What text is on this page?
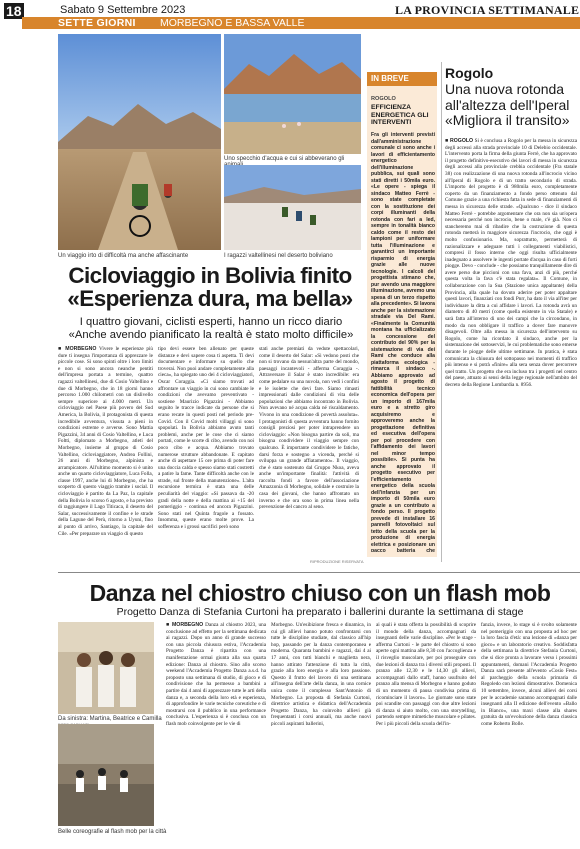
18	Sabato 9 Settembre 2023	LA PROVINCIA SETTIMANALE
SETTE GIORNI MORBEGNO E BASSA VALLE
Un viaggio irto di difficoltà ma anche affascinante
Uno specchio d'acqua e cui si abbeverano gli
I ragazzi valtellinesi nel deserto boliviano
Cicloviaggio in Bolivia finito
«Esperienza dura, ma bella»
I quattro giovani, ciclisti esperti, hanno un ricco diario
«Anche avendo pianificato la realtà è stato molto difficile»
■ MORBEGNO Vivere le esperienze più dure ti insegna l'importanza di apprezzare le piccole cose. Si sono spinti oltre i loro limiti e non si sono ancora neanche pentiti dell'impresa portata a termine, quattro ragazzi valtellinesi, due di Cosio Valtellino e due di Morbegno, che in 18 giorni hanno percorso 1.000 chilometri con un dislivello sempre superiore ai 4.000 metri. Un cicloviaggio nel Paese più povero del Sud America, la Bolivia, il protagonista di questa incredibile avventura, vissuta a pieni in condizioni estreme e avverse. Sono Mattia Pigazzini, 34 anni di Cosio Valtellino, e Luca Foltti, diplomato a Morbegno, atleti del Morbegno, insieme al gruppo di Cosio Valtellino, cicloviaggiatore, Andrea Follini, 26 anni di Morbegno, alpinista e arrampicatore. All'ultimo momento si è unito anche un quarto cicloviaggiatore, Luca Folla, classe 1997, anche lui di Morbegno, che ha scoperto di questo viaggio tramite i social. Il cicloviaggio è partito da La Paz, la capitale della Bolivia lo scorso 6 agosto, e ha previsto di raggiungere il Lago Titicaca, il deserto del Salar, successivamente il confine e le strade della Lagune del Perù, ritorno a Uyuni, fino al punto di arrivo, Santiago, la capitale del Cile. «Per preparare un viaggio di questo
tipo devi essere ben allenato per queste distanze e devi sapere cosa ti aspetta. Ti devi documentare e informare su quello che troverai. Non puoi andare completamente alla cieca», ha spiegato uno dei 4 cicloviaggiatori, Oscar Coraggia. «Ci siamo trovati ad affrontare un viaggio in cui sono cambiate le condizioni che avevamo preventivato - sostiene Maurizio Pigazzini - Abbiamo seguito le tracce indicate da persone che si erano recate in questi posti nel periodo pre-Covid. Con il Covid molti villaggi si sono spopolati. In Bolivia abbiamo avuto tanti problemi, anche per le cose che ci siamo portati, come le scorte di cibo, avendo con noi poco cibo e acqua. Abbiamo trovato numerose strutture abbandonate. E capitato anche di aspettare 15 ore prima di poter fare una doccia calda e spesso siamo stati costretti a patire la fame. Tante difficoltà anche con le strade, sul fronte della manutenzione». L'alta escursione termica è stata una delle peculiarità del viaggio: «Si passava da -20 gradi della notte e della mattina ai +15 del pomeriggio - continua ed ancora Pigazzini. Sono stati nel Quinta fragole a fossato. Insomma, queste erano molte prove. La sofferenza e i grossi sacrifici però sono
stati anche premiati da vedute spettacolari, come il deserto del Salar: «Si vedono posti che non si trovano da nessun'altra parte del mondo, paesaggi incantevoli - afferma Coraggia -. Attraversare il Salar è stato incredibile: era come pedalare su una nuvola, non vedi i confini e le isolette che devi fare. Siamo rimasti impressionati dalle condizioni di vita delle popolazioni che abbiamo incontrato in Bolivia. Non avevano né acqua calda né riscaldamento. Vivono in una condizione di povertà assoluta». I protagonisti di questa avventura hanno fornito consigli preziosi per poter intraprendere un cicloviaggio: «Non bisogna partire da soli, ma bisogna condividere il viaggio sempre con qualcuno. È importante condividere le fatiche, darsi forza e sostegno a vicenda, perché si sviluppa un grande affiatamento». Il viaggio, che è stato sostenuto dal Gruppo Nkoa, aveva anche un'importante finalità: l'attività di raccolta fondi a favore dell'associazione Amazzonia di Morbegno, solidale e costruire la casa dei giovani, che hanno affrontato un inverno e che ora sono in prima linea nella prevenzione del cancro al seno.
RIPRODUZIONE RISERVATA
IN BREVE
ROGOLO
EFFICIENZA ENERGETICA GLI INTERVENTI
Fra gli interventi previsti dall'amministrazione comunale ci sono anche i lavori di efficientamento energetico dell'illuminazione pubblica, sui quali sono stati diretti i 50mila euro. «Le opere - spiega il sindaco Matteo Ferrè - sono state completate con la sostituzione dei corpi illuminanti della rotonda con fari a led, sempre in tonalità bianco caldo come il resto dei lampioni per uniformare tutta l'illuminazione e garantirci un importante risparmio di energia grazie alle nuove tecnologie. I calcoli del progettista stimano che, pur avendo una maggiore illuminazione, avremo una spesa di un terzo rispetto alla precedente». Si lavora anche per la sistemazione stradale via Del Rami. «Finalmente la Comunità montana ha ufficializzato la concessione del contributo del 90% per la sistemazione di via dei Rami che conduce alla piattaforma ecologica - rimarca il sindaco -. Abbiamo approvato ad agosto il progetto di fattibilità tecnico economica dell'opera per un importo di 167mila euro e a stretto giro acquisiremo e approveremo anche la progettazione definitiva ed esecutiva dell'opera per poi procedere con l'affidamento dei lavori nel minor tempo possibile». Si punta ha anche approvato il progetto esecutivo per l'efficientamento energetico della scuola dell'infanzia per un importo di 50mila euro grazie a un contributo a fondo perso. Il progetto prevede di installare 16 pannelli fotovoltaici sul tetto della scuola per la produzione di energia elettrica e posizionare un pacco batteria che
Rogolo
Una nuova rotonda all'altezza dell'Iperal «Migliora il transito»
■ ROGOLO Si è conclusa a Rogolo per la messa in sicurezza degli accessi alla strada provinciale 10 di Delebio occidentale. L'intervento porta la firma della giunta Ferrè, che ha approvato il progetto definitivo-esecutivo dei lavori di messa in sicurezza degli accessi alla provinciale crebbia occidentale (Fra statale 38) con realizzazione di una nuova rotonda all'incrocio vicino all'Iperal di Rogolo e di un tratto secondario di strada. L'importo del progetto è di 980mila euro, completamente coperto da un finanziamento a fondo perso ottenuto dal Comune grazie a una richiesta fatta in sede di finanziamenti di messa in sicurezza delle strade. «Qualcuno - dice il sindaco Matteo Ferrè - potrebbe argomentare che ora non sia un'opera necessaria perché non incrocio, bene o male, c'è già. Non ci stancheremo mai di ribadire che la costruzione di questa rotonda metterà in maggiore sicurezza l'incrocio, che oggi è molto confusionario. Ma, soprattutto, permetterà di razionalizzare e adeguare tutti i collegamenti viabilistici, compresi il fosso interno che oggi risulta ufficialmente inadeguato a assolvere le ingenti portate d'acqua in caso di forti piogge. Devo - conclude - che possiamo tranquillamente dire di avere perso due piccioni con una fava, anzi di più, perché questa volta la fava c'è stata regalata». Il Comune, in collaborazione con la Sua (Stazione unica appaltante) della Provincia, alla quale ha dovuto aderire per poter appaltare questi lavori, finanziati con fondi Pnrr, ha dato il via all'iter per individuare la ditta a cui affidare i lavori. La rotonda avrà un diametro di 40 metri (come quella esistente in via Statale) e sarà fatta all'interno di uno dei campi che la circondano, in modo da non obbligare il traffico a dover fare manovre disagevoli. Oltre alla messa in sicurezza dell'intervento su Rogolo, come ha ricordato il sindaco, anche per la sistemazione dei sottoservizi, le cui problematiche sono emerse durante le piogge delle ultime settimane. In pratica, è stata comunicata la chiusura del sottopasso nei momenti di traffico più intenso e si potrà «finire» alla sera senza dover percorrere quel tratto. Un progetto che era incluso tra i progetti nel centro del paese, attuato ai sensi della legge regionale nell'ambito del decreto della Regione Lombardia n. 8956.
Danza nel chiostro chiuso con un flash mob
Progetto Danza di Stefania Curtoni ha preparato i ballerini durante la settimana di stage
Da sinistra: Martina, Beatrice e Camilla
Belle coreografie al flash mob per la città
■ MORBEGNO Danza al chiostro 2023, una conclusione ad effetto per la settimana dedicata ai ragazzi. Dopo un anno di grande successo con una piccola chiusura estiva, l'Accademia Progetto Danza è ripartita con una manifestazione ormai giunta alla sua quarta edizione: Danza al chiostro. Sino allo scorso weekend l'Accademia Progetto Danza a.s.d. ha proposto una settimana di studio, di gioco e di condivisione che ha permesso a bambini a partire dai 4 anni di apprezzare tutte le arti della danza e, a seconda della loro età e esperienza, di approfondire le varie tecniche coreutiche e di mostrarsi con il pubblico in una performance conclusiva. L'esperienza si è conclusa con un flash mob coinvolgente per le vie di
Morbegno. Un'esibizione fresca e dinamica, in cui gli allievi hanno potuto confrontarsi con tutte le discipline studiate, dal classico all'hip hop, passando per la danza contemporanea e moderna. Quaranta bambini e ragazzi, dai 4 ai 17 anni, con tutti bianchi e maglietta nera, hanno attirato l'attenzione di tutta la città, grazie alla loro energia e alla loro passione. Questo il frutto del lavoro di una settimana all'insegna dell'arte della danza, in una cornice unica come il complesso Sant'Antonio di Morbegno. La proposta di Stefania Curtoni, direttrice artistica e didattica dell'Accademia Progetto Danza, ha coinvolto allievi già frequentanti i corsi annuali, ma anche nuovi piccoli aspiranti ballerini,
ai quali è stata offerta la possibilità di scoprire il mondo della danza, accompagnati da insegnanti delle varie discipline. «Per le stage - afferma Curtoni - le parte del chiostro si sono aperte ogni mattina alle 8,30 con l'accoglienza e il risveglio muscolare, per poi proseguire con due lezioni di danza tra i diversi stili proposti. Il pranzo alle 12,30 e le 14,30 gli allievi, accompagnati dallo staff, hanno usufruito del pranzo alla mensa di Morbegno e hanno goduto di un momento di pausa condivisa prima di ricominciare il lavoro». Le giornate sono state poi scandite con passaggi con due altre lezioni di danza si aiuto molto, con una storytelling, partendo sempre mimetiche muscolare e pilates. Per i più piccoli della scuola dell'in-
fanzia, invece, lo stage si è svolto solamente nel pomeriggio con una proposta ad hoc per la loro fascia d'età: una lezione di «danza per gioco» e un laboratorio creativo. Soddisfatta della settimana la direttrice Stefania Curtoni, che si dice pronta a lavorare verso i prossimi appuntamenti, domani l'Accademia Progetto Danza sarà presente all'evento «Cosio Fest» al parcheggio della scuola primaria di Regoledo con lezioni dimostrative. Domenica 10 settembre, invece, alcuni allievi dei corsi per le accademie saranno accompagnati dalle insegnanti alla II edizione dell'evento «Ballo in Bianco», una maxi classe alla shares gratuita da un'evoluzione della danza classica come Roberto Bolle.
